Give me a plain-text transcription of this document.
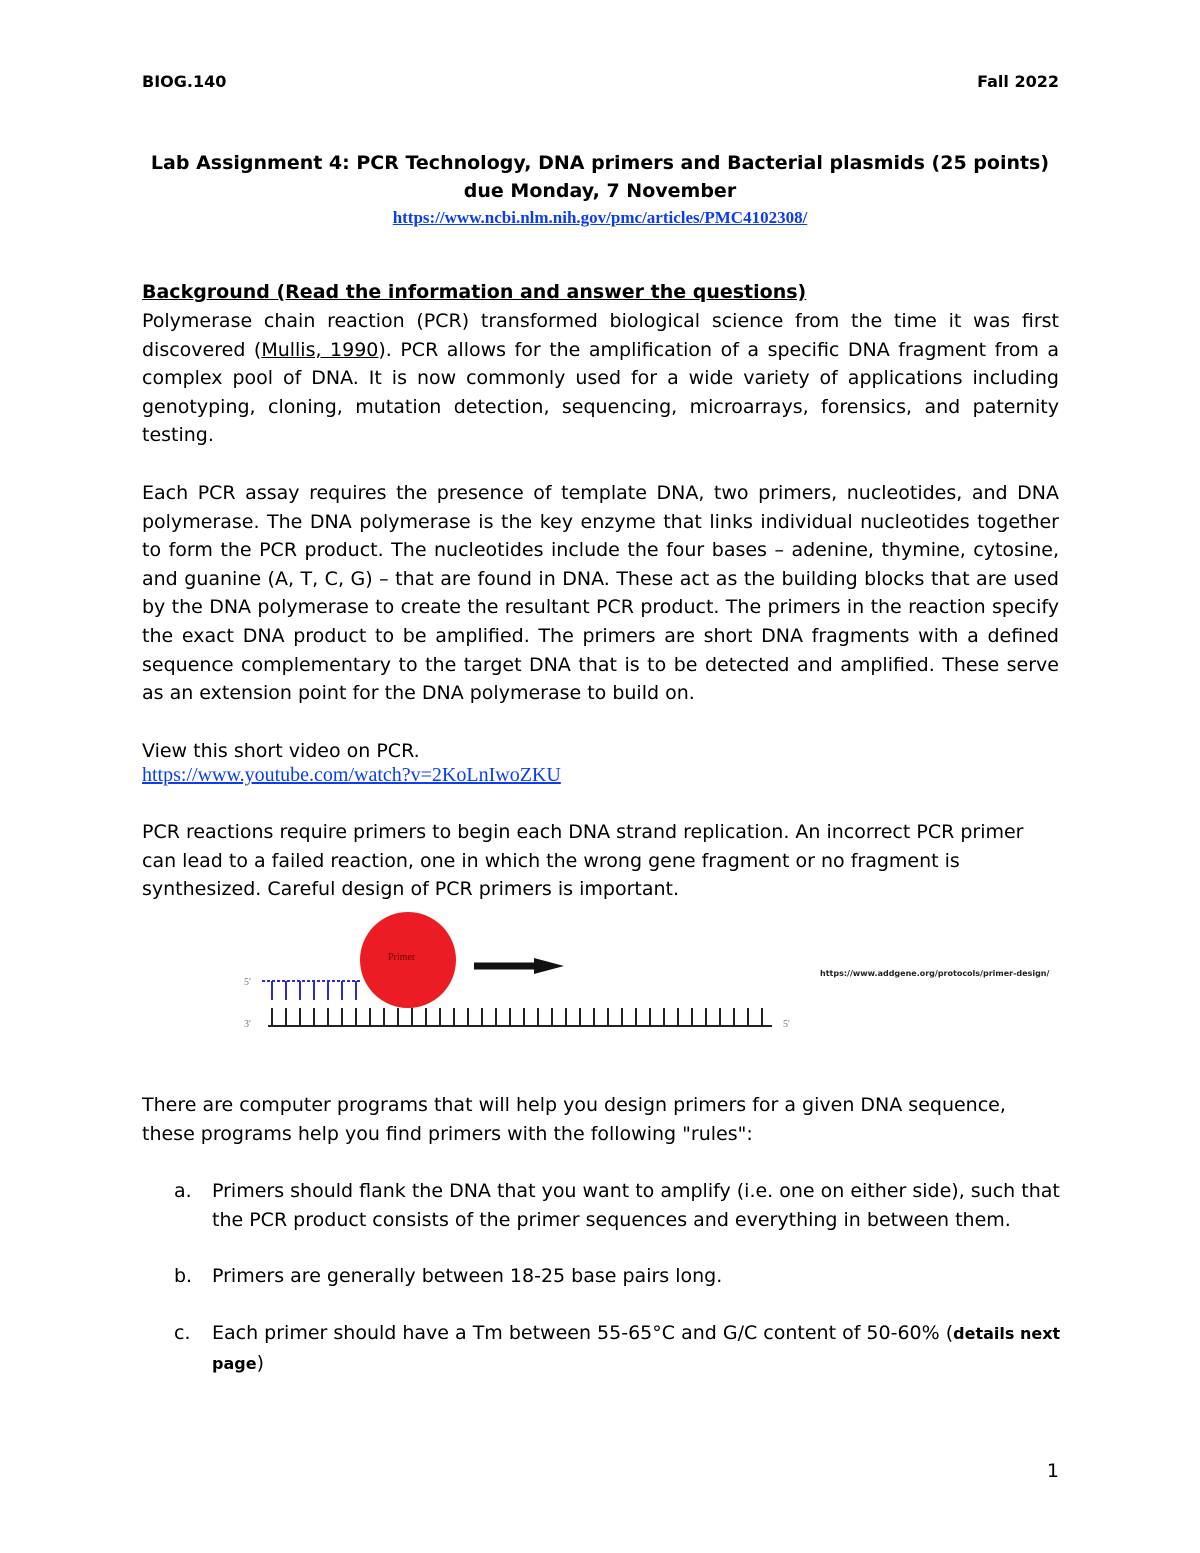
BIOG.140	Fall 2022
Lab Assignment 4: PCR Technology, DNA primers and Bacterial plasmids (25 points)
due Monday, 7 November
https://www.ncbi.nlm.nih.gov/pmc/articles/PMC4102308/
Background (Read the information and answer the questions)
Polymerase chain reaction (PCR) transformed biological science from the time it was first discovered (Mullis, 1990). PCR allows for the amplification of a specific DNA fragment from a complex pool of DNA. It is now commonly used for a wide variety of applications including genotyping, cloning, mutation detection, sequencing, microarrays, forensics, and paternity testing.
Each PCR assay requires the presence of template DNA, two primers, nucleotides, and DNA polymerase. The DNA polymerase is the key enzyme that links individual nucleotides together to form the PCR product. The nucleotides include the four bases – adenine, thymine, cytosine, and guanine (A, T, C, G) – that are found in DNA. These act as the building blocks that are used by the DNA polymerase to create the resultant PCR product. The primers in the reaction specify the exact DNA product to be amplified. The primers are short DNA fragments with a defined sequence complementary to the target DNA that is to be detected and amplified. These serve as an extension point for the DNA polymerase to build on.
View this short video on PCR.
https://www.youtube.com/watch?v=2KoLnIwoZKU
PCR reactions require primers to begin each DNA strand replication. An incorrect PCR primer can lead to a failed reaction, one in which the wrong gene fragment or no fragment is synthesized. Careful design of PCR primers is important.
5'
3'	5'
Primer
https://www.addgene.org/protocols/primer-design/
There are computer programs that will help you design primers for a given DNA sequence, these programs help you find primers with the following "rules":
a. Primers should flank the DNA that you want to amplify (i.e. one on either side), such that the PCR product consists of the primer sequences and everything in between them.
b. Primers are generally between 18-25 base pairs long.
c. Each primer should have a Tm between 55-65°C and G/C content of 50-60% (details next page)
1
